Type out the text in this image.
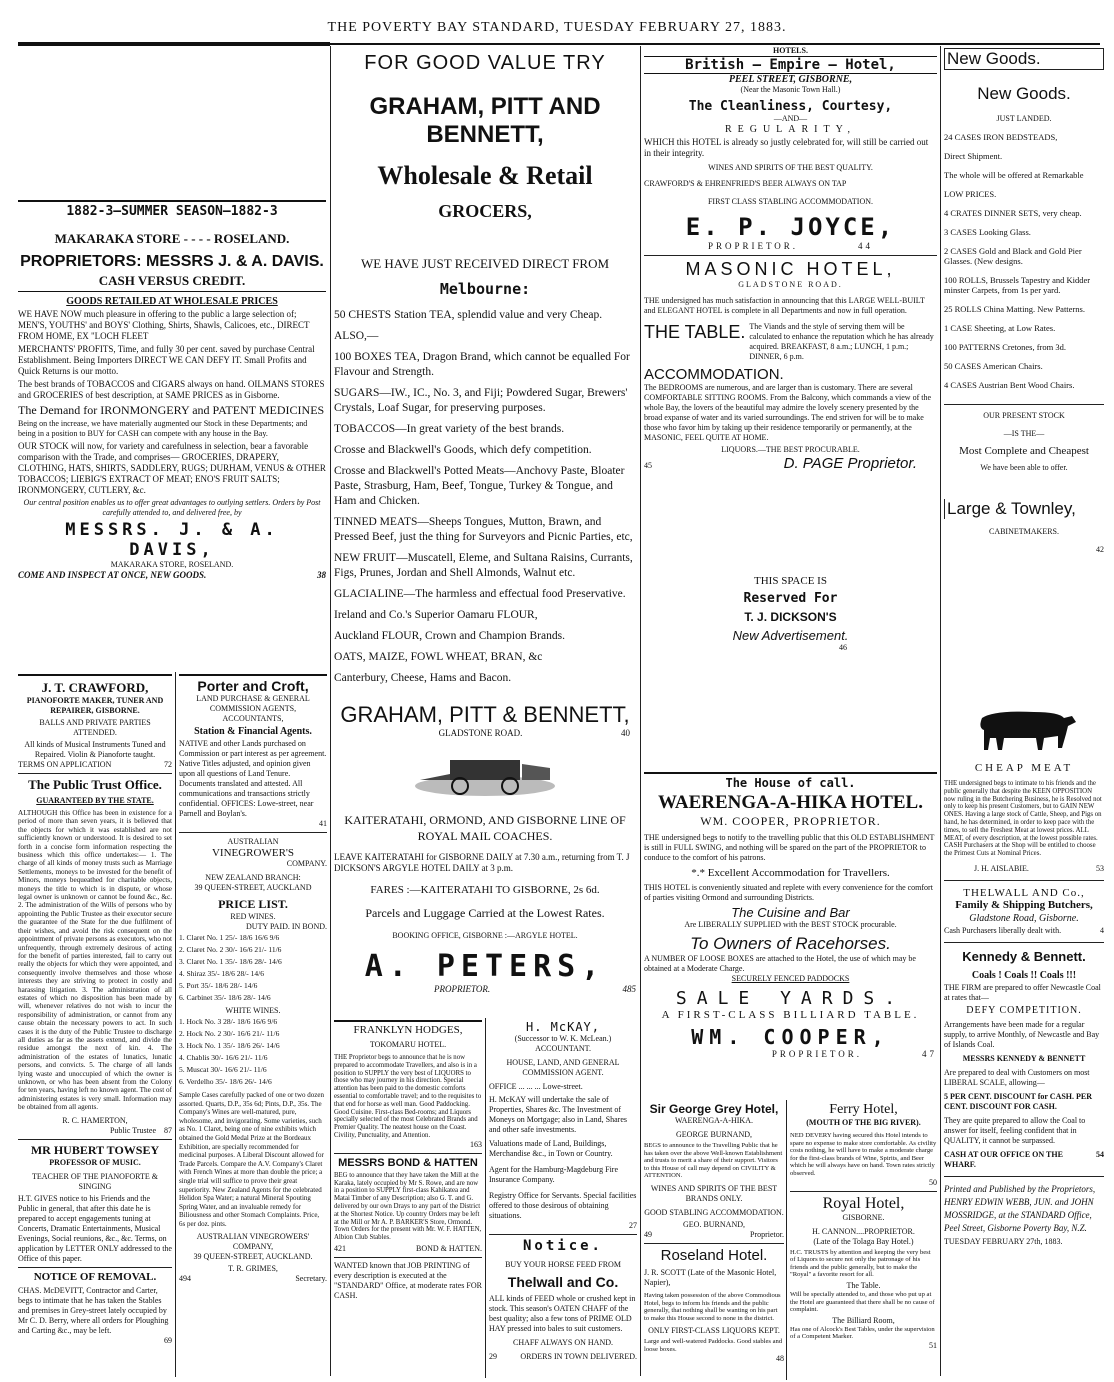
THE POVERTY BAY STANDARD, TUESDAY FEBRUARY 27, 1883.
1882-3—SUMMER SEASON—1882-3
MAKARAKA STORE - - - - ROSELAND.
PROPRIETORS: MESSRS J. & A. DAVIS.
CASH VERSUS CREDIT.
GOODS RETAILED AT WHOLESALE PRICES
WE HAVE NOW much pleasure in offering to the public a large selection of; MEN'S, YOUTHS' and BOYS' Clothing, Shirts, Shawls, Calicoes, etc., DIRECT FROM HOME, EX "LOCH FLEET
MERCHANTS' PROFITS, Time, and fully 30 per cent. saved by purchase Central Establishment. Being Importers DIRECT WE CAN DEFY IT. Small Profits and Quick Returns is our motto.
The best brands of TOBACCOS and CIGARS always on hand. OILMANS STORES and GROCERIES of best description, at SAME PRICES as in Gisborne.
The Demand for IRONMONGERY and PATENT MEDICINES
Being on the increase, we have materially augmented our Stock in these Departments; and being in a position to BUY for CASH can compete with any house in the Bay.
OUR STOCK will now, for variety and carefulness in selection, bear a favorable comparison with the Trade, and comprises— GROCERIES, DRAPERY, CLOTHING, HATS, SHIRTS, SADDLERY, RUGS; DURHAM, VENUS & OTHER TOBACCOS; LIEBIG'S EXTRACT OF MEAT; ENO'S FRUIT SALTS; IRONMONGERY, CUTLERY, &c.
Our central position enables us to offer great advantages to outlying settlers. Orders by Post carefully attended to, and delivered free, by
MESSRS. J. & A. DAVIS,
MAKARAKA STORE, ROSELAND.
COME AND INSPECT AT ONCE, NEW GOODS.	38
J. T. CRAWFORD,
PIANOFORTE MAKER, TUNER AND REPAIRER, GISBORNE.
BALLS AND PRIVATE PARTIES ATTENDED.
All kinds of Musical Instruments Tuned and Repaired. Violin & Pianoforte taught.
TERMS ON APPLICATION	72
The Public Trust Office.
GUARANTEED BY THE STATE.
ALTHOUGH this Office has been in existence for a period of more than seven years, it is believed that the objects for which it was established are not sufficiently known or understood. It is desired to set forth in a concise form information respecting the business which this office undertakes:— 1. The charge of all kinds of money trusts such as Marriage Settlements, moneys to be invested for the benefit of Minors, moneys bequeathed for charitable objects, moneys the title to which is in dispute, or whose legal owner is unknown or cannot be found &c., &c. 2. The administration of the Wills of persons who by appointing the Public Trustee as their executor secure the guarantee of the State for the due fulfilment of their wishes, and avoid the risk consequent on the appointment of private persons as executors, who not unfrequently, through extremely desirous of acting for the benefit of parties interested, fail to carry out really the objects for which they were appointed, and consequently involve themselves and those whose interests they are striving to protect in costly and harassing litigation. 3. The administration of all estates of which no disposition has been made by will, whenever relatives do not wish to incur the responsibility of administration, or cannot from any cause obtain the necessary powers to act. In such cases it is the duty of the Public Trustee to discharge all duties as far as the assets extend, and divide the residue amongst the next of kin. 4. The administration of the estates of lunatics, lunatic persons, and convicts. 5. The charge of all lands lying waste and unoccupied of which the owner is unknown, or who has been absent from the Colony for ten years, having left no known agent. The cost of administering estates is very small. Information may be obtained from all agents.
R. C. HAMERTON,
Public Trustee 87
MR HUBERT TOWSEY
PROFESSOR OF MUSIC.
TEACHER OF THE PIANOFORTE & SINGING
H.T. GIVES notice to his Friends and the Public in general, that after this date he is prepared to accept engagements tuning at Concerts, Dramatic Entertainments, Musical Evenings, Social reunions, &c., &c. Terms, on application by LETTER ONLY addressed to the Office of this paper.
NOTICE OF REMOVAL.
CHAS. McDEVITT, Contractor and Carter, begs to intimate that he has taken the Stables and premises in Grey-street lately occupied by Mr C. D. Berry, where all orders for Ploughing and Carting &c., may be left.
69
Porter and Croft,
LAND PURCHASE & GENERAL COMMISSION AGENTS, ACCOUNTANTS,
Station & Financial Agents.
NATIVE and other Lands purchased on Commission or part interest as per agreement. Native Titles adjusted, and opinion given upon all questions of Land Tenure. Documents translated and attested. All communications and transactions strictly confidential. OFFICES: Lowe-street, near Parnell and Boylan's.
41
AUSTRALIAN
VINEGROWER'S
COMPANY.
NEW ZEALAND BRANCH:
39 QUEEN-STREET, AUCKLAND
PRICE LIST.
RED WINES.
DUTY PAID. IN BOND.
1. Claret No. 1 25/- 18/6 16/6 9/6
2. Claret No. 2 30/- 16/6 21/- 11/6
3. Claret No. 1 35/- 18/6 28/- 14/6
4. Shiraz 35/- 18/6 28/- 14/6
5. Port 35/- 18/6 28/- 14/6
6. Carbinet 35/- 18/6 28/- 14/6
WHITE WINES.
1. Hock No. 3 28/- 18/6 16/6 9/6
2. Hock No. 2 30/- 16/6 21/- 11/6
3. Hock No. 1 35/- 18/6 26/- 14/6
4. Chablis 30/- 16/6 21/- 11/6
5. Muscat 30/- 16/6 21/- 11/6
6. Verdelho 35/- 18/6 26/- 14/6
Sample Cases carefully packed of one or two dozen assorted. Quarts, D.P., 35s 6d; Pints, D.P., 35s. The Company's Wines are well-matured, pure, wholesome, and invigorating. Some varieties, such as No. 1 Claret, being one of nine exhibits which obtained the Gold Medal Prize at the Bordeaux Exhibition, are specially recommended for medicinal purposes. A Liberal Discount allowed for Trade Parcels. Compare the A.V. Company's Claret with French Wines at more than double the price; a single trial will suffice to prove their great superiority. New Zealand Agents for the celebrated Helidon Spa Water; a natural Mineral Spouting Spring Water, and an invaluable remedy for Biliousness and other Stomach Complaints. Price, 6s per doz. pints.
AUSTRALIAN VINEGROWERS' COMPANY,
39 QUEEN-STREET, AUCKLAND.
T. R. GRIMES,
494	Secretary.
FOR GOOD VALUE TRY
GRAHAM, PITT AND BENNETT,
Wholesale & Retail
GROCERS,
WE HAVE JUST RECEIVED DIRECT FROM
Melbourne:
50 CHESTS Station TEA, splendid value and very Cheap.
ALSO,—
100 BOXES TEA, Dragon Brand, which cannot be equalled For Flavour and Strength.
SUGARS—IW., IC., No. 3, and Fiji; Powdered Sugar, Brewers' Crystals, Loaf Sugar, for preserving purposes.
TOBACCOS—In great variety of the best brands.
Crosse and Blackwell's Goods, which defy competition.
Crosse and Blackwell's Potted Meats—Anchovy Paste, Bloater Paste, Strasburg, Ham, Beef, Tongue, Turkey & Tongue, and Ham and Chicken.
TINNED MEATS—Sheeps Tongues, Mutton, Brawn, and Pressed Beef, just the thing for Surveyors and Picnic Parties, etc,
NEW FRUIT—Muscatell, Eleme, and Sultana Raisins, Currants, Figs, Prunes, Jordan and Shell Almonds, Walnut etc.
GLACIALINE—The harmless and effectual food Preservative.
Ireland and Co.'s Superior Oamaru FLOUR,
Auckland FLOUR, Crown and Champion Brands.
OATS, MAIZE, FOWL WHEAT, BRAN, &c
Canterbury, Cheese, Hams and Bacon.
GRAHAM, PITT & BENNETT,
GLADSTONE ROAD.	40
KAITERATAHI, ORMOND, AND GISBORNE LINE OF ROYAL MAIL COACHES.
LEAVE KAITERATAHI for GISBORNE DAILY at 7.30 a.m., returning from T. J DICKSON'S ARGYLE HOTEL DAILY at 3 p.m.
FARES :—KAITERATAHI TO GISBORNE, 2s 6d.
Parcels and Luggage Carried at the Lowest Rates.
BOOKING OFFICE, GISBORNE :—ARGYLE HOTEL.
A. PETERS,
PROPRIETOR.	485
FRANKLYN HODGES,
TOKOMARU HOTEL.
THE Proprietor begs to announce that he is now prepared to accommodate Travellers, and also is in a position to SUPPLY the very best of LIQUORS to those who may journey in his direction. Special attention has been paid to the domestic comforts essential to comfortable travel; and to the requisites to that end for horse as well man. Good Paddocking. Good Cuisine. First-class Bed-rooms; and Liquors specially selected of the most Celebrated Brands and Premier Quality. The neatest house on the Coast. Civility, Punctuality, and Attention.
163
MESSRS BOND & HATTEN
BEG to announce that they have taken the Mill at the Karaka, lately occupied by Mr S. Rowe, and are now in a position to SUPPLY first-class Kahikatea and Matai Timber of any Description; also G. T. and G. delivered by our own Drays to any part of the District at the Shortest Notice. Up country Orders may be left at the Mill or Mr A. P. BARKER'S Store, Ormond. Town Orders for the present with Mr. W. F. HATTEN, Albion Club Stables.
421	BOND & HATTEN.
WANTED known that JOB PRINTING of every description is executed at the "STANDARD" Office, at moderate rates FOR CASH.
H. McKAY,
(Successor to W. K. McLean.)
ACCOUNTANT.
HOUSE, LAND, AND GENERAL COMMISSION AGENT.
OFFICE ... ... ... Lowe-street.
H. McKAY will undertake the sale of Properties, Shares &c. The Investment of Moneys on Mortgage; also in Land, Shares and other safe investments.
Valuations made of Land, Buildings, Merchandise &c., in Town or Country.
Agent for the Hamburg-Magdeburg Fire Insurance Company.
Registry Office for Servants. Special facilities offered to those desirous of obtaining situations.
27
Notice.
BUY YOUR HORSE FEED FROM
Thelwall and Co.
ALL kinds of FEED whole or crushed kept in stock. This season's OATEN CHAFF of the best quality; also a few tons of PRIME OLD HAY pressed into bales to suit customers.
CHAFF ALWAYS ON HAND.
29	ORDERS IN TOWN DELIVERED.
HOTELS.
British — Empire — Hotel,
PEEL STREET, GISBORNE,
(Near the Masonic Town Hall.)
The Cleanliness, Courtesy,
—AND—
REGULARITY,
WHICH this HOTEL is already so justly celebrated for, will still be carried out in their integrity.
WINES AND SPIRITS OF THE BEST QUALITY.
CRAWFORD'S & EHRENFRIED'S BEER ALWAYS ON TAP
FIRST CLASS STABLING ACCOMMODATION.
E. P. JOYCE,
PROPRIETOR.	44
MASONIC HOTEL,
GLADSTONE ROAD.
THE undersigned has much satisfaction in announcing that this LARGE WELL-BUILT and ELEGANT HOTEL is complete in all Departments and now in full operation.
THE TABLE. The Viands and the style of serving them will be calculated to enhance the reputation which he has already acquired. BREAKFAST, 8 a.m.; LUNCH, 1 p.m.; DINNER, 6 p.m.
ACCOMMODATION.
The BEDROOMS are numerous, and are larger than is customary. There are several COMFORTABLE SITTING ROOMS. From the Balcony, which commands a view of the whole Bay, the lovers of the beautiful may admire the lovely scenery presented by the broad expanse of water and its varied surroundings. The end striven for will be to make those who favor him by taking up their residence temporarily or permanently, at the MASONIC, FEEL QUITE AT HOME.
LIQUORS.—THE BEST PROCURABLE.
45	D. PAGE Proprietor.
THIS SPACE IS
Reserved For
T. J. DICKSON'S
New Advertisement.
46
The House of call.
WAERENGA-A-HIKA HOTEL.
WM. COOPER, PROPRIETOR.
THE undersigned begs to notify to the travelling public that this OLD ESTABLISHMENT is still in FULL SWING, and nothing will be spared on the part of the PROPRIETOR to conduce to the comfort of his patrons.
*.* Excellent Accommodation for Travellers.
THIS HOTEL is conveniently situated and replete with every convenience for the comfort of parties visiting Ormond and surrounding Districts.
The Cuisine and Bar
Are LIBERALLY SUPPLIED with the BEST STOCK procurable.
To Owners of Racehorses.
A NUMBER OF LOOSE BOXES are attached to the Hotel, the use of which may be obtained at a Moderate Charge.
SECURELY FENCED PADDOCKS
SALE YARDS.
A FIRST-CLASS BILLIARD TABLE.
WM. COOPER,
PROPRIETOR.	47
Sir George Grey Hotel,
WAERENGA-A-HIKA.
GEORGE BURNAND,
BEGS to announce to the Travelling Public that he has taken over the above Well-known Establishment and trusts to merit a share of their support. Visitors to this House of call may depend on CIVILITY & ATTENTION.
WINES AND SPIRITS OF THE BEST BRANDS ONLY.
GOOD STABLING ACCOMMODATION.
GEO. BURNAND,
49	Proprietor.
Roseland Hotel.
J. R. SCOTT (Late of the Masonic Hotel, Napier),
Having taken possession of the above Commodious Hotel, begs to inform his friends and the public generally, that nothing shall be wanting on his part to make this House second to none in the district.
ONLY FIRST-CLASS LIQUORS KEPT.
Large and well-watered Paddocks. Good stables and loose boxes.
48
Ferry Hotel,
(MOUTH OF THE BIG RIVER).
NED DEVERY having secured this Hotel intends to spare no expense to make store comfortable. As civility costs nothing, he will have to make a moderate charge for the first-class brands of Wine, Spirits, and Beer which he will always have on hand. Town rates strictly observed.
50
Royal Hotel,
GISBORNE.
H. CANNON....PROPRIETOR.
(Late of the Tolaga Bay Hotel.)
H.C. TRUSTS by attention and keeping the very best of Liquors to secure not only the patronage of his friends and the public generally, but to make the "Royal" a favorite resort for all.
The Table.
Will be specially attended to, and those who put up at the Hotel are guaranteed that there shall be no cause of complaint.
The Billiard Room,
Has one of Alcock's Best Tables, under the supervision of a Competent Marker.
51
New Goods.
New Goods.
JUST LANDED.
24 CASES IRON BEDSTEADS,
Direct Shipment.
The whole will be offered at Remarkable
LOW PRICES.
4 CRATES DINNER SETS, very cheap.
3 CASES Looking Glass.
2 CASES Gold and Black and Gold Pier Glasses. (New designs.
100 ROLLS, Brussels Tapestry and Kidder minster Carpets, from 1s per yard.
25 ROLLS China Matting. New Patterns.
1 CASE Sheeting, at Low Rates.
100 PATTERNS Cretones, from 3d.
50 CASES American Chairs.
4 CASES Austrian Bent Wood Chairs.
OUR PRESENT STOCK
—IS THE—
Most Complete and Cheapest
We have been able to offer.
Large & Townley,
CABINETMAKERS.
42
CHEAP MEAT
THE undersigned begs to intimate to his friends and the public generally that despite the KEEN OPPOSITION now ruling in the Butchering Business, he is Resolved not only to keep his present Customers, but to GAIN NEW ONES. Having a large stock of Cattle, Sheep, and Pigs on hand, he has determined, in order to keep pace with the times, to sell the Freshest Meat at lowest prices. ALL MEAT, of every description, at the lowest possible rates. CASH Purchasers at the Shop will be entitled to choose the Primest Cuts at Nominal Prices.
J. H. AISLABIE.	53
THELWALL AND Co.,
Family & Shipping Butchers,
Gladstone Road, Gisborne.
Cash Purchasers liberally dealt with.	4
Kennedy & Bennett.
Coals ! Coals !! Coals !!!
THE FIRM are prepared to offer Newcastle Coal at rates that—
DEFY COMPETITION.
Arrangements have been made for a regular supply, to arrive Monthly, of Newcastle and Bay of Islands Coal.
MESSRS KENNEDY & BENNETT
Are prepared to deal with Customers on most LIBERAL SCALE, allowing—
5 PER CENT. DISCOUNT for CASH. PER CENT. DISCOUNT FOR CASH.
They are quite prepared to allow the Coal to answer for itself, feeling confident that in QUALITY, it cannot be surpassed.
CASH AT OUR OFFICE ON THE WHARF.
54
Printed and Published by the Proprietors, HENRY EDWIN WEBB, JUN. and JOHN MOSSRIDGE, at the STANDARD Office, Peel Street, Gisborne Poverty Bay, N.Z.
TUESDAY FEBRUARY 27th, 1883.
